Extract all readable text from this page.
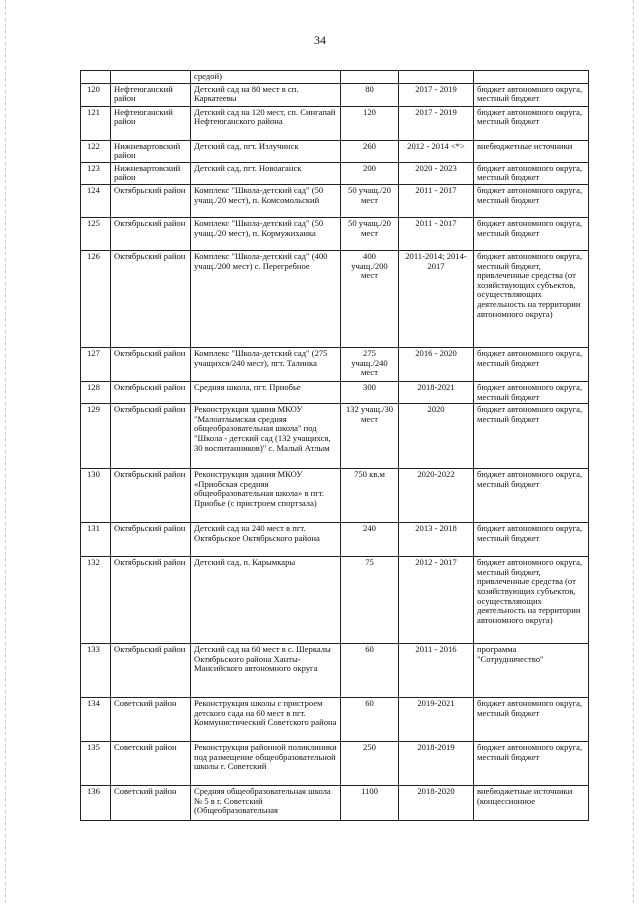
34
		средой)			
120	Нефтеюганский район	Детский сад на 80 мест в сп. Каркатеевы	80	2017 - 2019	бюджет автономного округа, местный бюджет
121	Нефтеюганский район	Детский сад на 120 мест, сп. Сингапай Нефтеюганского района	120	2017 - 2019	бюджет автономного округа, местный бюджет
122	Нижневартовский район	Детский сад, пгт. Излучинск	260	2012 - 2014 <*>	внебюджетные источники
123	Нижневартовский район	Детский сад, пгт. Новоаганск	200	2020 - 2023	бюджет автономного округа, местный бюджет
124	Октябрьский район	Комплекс "Школа-детский сад" (50 учащ./20 мест), п. Комсомольский	50 учащ./20 мест	2011 - 2017	бюджет автономного округа, местный бюджет
125	Октябрьский район	Комплекс "Школа-детский сад" (50 учащ./20 мест), п. Кормужиханка	50 учащ./20 мест	2011 - 2017	бюджет автономного округа, местный бюджет
126	Октябрьский район	Комплекс "Школа-детский сад" (400 учащ./200 мест) с. Перегребное	400 учащ./200 мест	2011-2014; 2014-2017	бюджет автономного округа, местный бюджет, привлеченные средства (от хозяйствующих субъектов, осуществляющих деятельность на территории автономного округа)
127	Октябрьский район	Комплекс "Школа-детский сад" (275 учащихся/240 мест), пгт. Талинка	275 учащ./240 мест	2016 - 2020	бюджет автономного округа, местный бюджет
128	Октябрьский район	Средняя школа, пгт. Приобье	300	2018-2021	бюджет автономного округа, местный бюджет
129	Октябрьский район	Реконструкция здания МКОУ "Малоатлымская средняя общеобразовательная школа" под "Школа - детский сад (132 учащихся, 30 воспитанников)" с. Малый Атлым	132 учащ./30 мест	2020	бюджет автономного округа, местный бюджет
130	Октябрьский район	Реконструкция здания МКОУ «Приобская средняя общеобразовательная школа» в пгт. Приобье (с пристроем спортзала)	750 кв.м	2020-2022	бюджет автономного округа, местный бюджет
131	Октябрьский район	Детский сад на 240 мест в пгт. Октябрьское Октябрьского района	240	2013 - 2018	бюджет автономного округа, местный бюджет
132	Октябрьский район	Детский сад, п. Карымкары	75	2012 - 2017	бюджет автономного округа, местный бюджет, привлеченные средства (от хозяйствующих субъектов, осуществляющих деятельность на территории автономного округа)
133	Октябрьский район	Детский сад на 60 мест в с. Шеркалы Октябрьского района Ханты-Мансийского автономного округа	60	2011 - 2016	программа "Сотрудничество"
134	Советский район	Реконструкция школы с пристроем детского сада на 60 мест в пгт. Коммунистический Советского района	60	2019-2021	бюджет автономного округа, местный бюджет
135	Советский район	Реконструкция районной поликлиники под размещение общеобразовательной школы г. Советский	250	2018-2019	бюджет автономного округа, местный бюджет
136	Советский район	Средняя общеобразовательная школа № 5 в г. Советский (Общеобразовательная	1100	2018-2020	внебюджетные источники (концессионное
